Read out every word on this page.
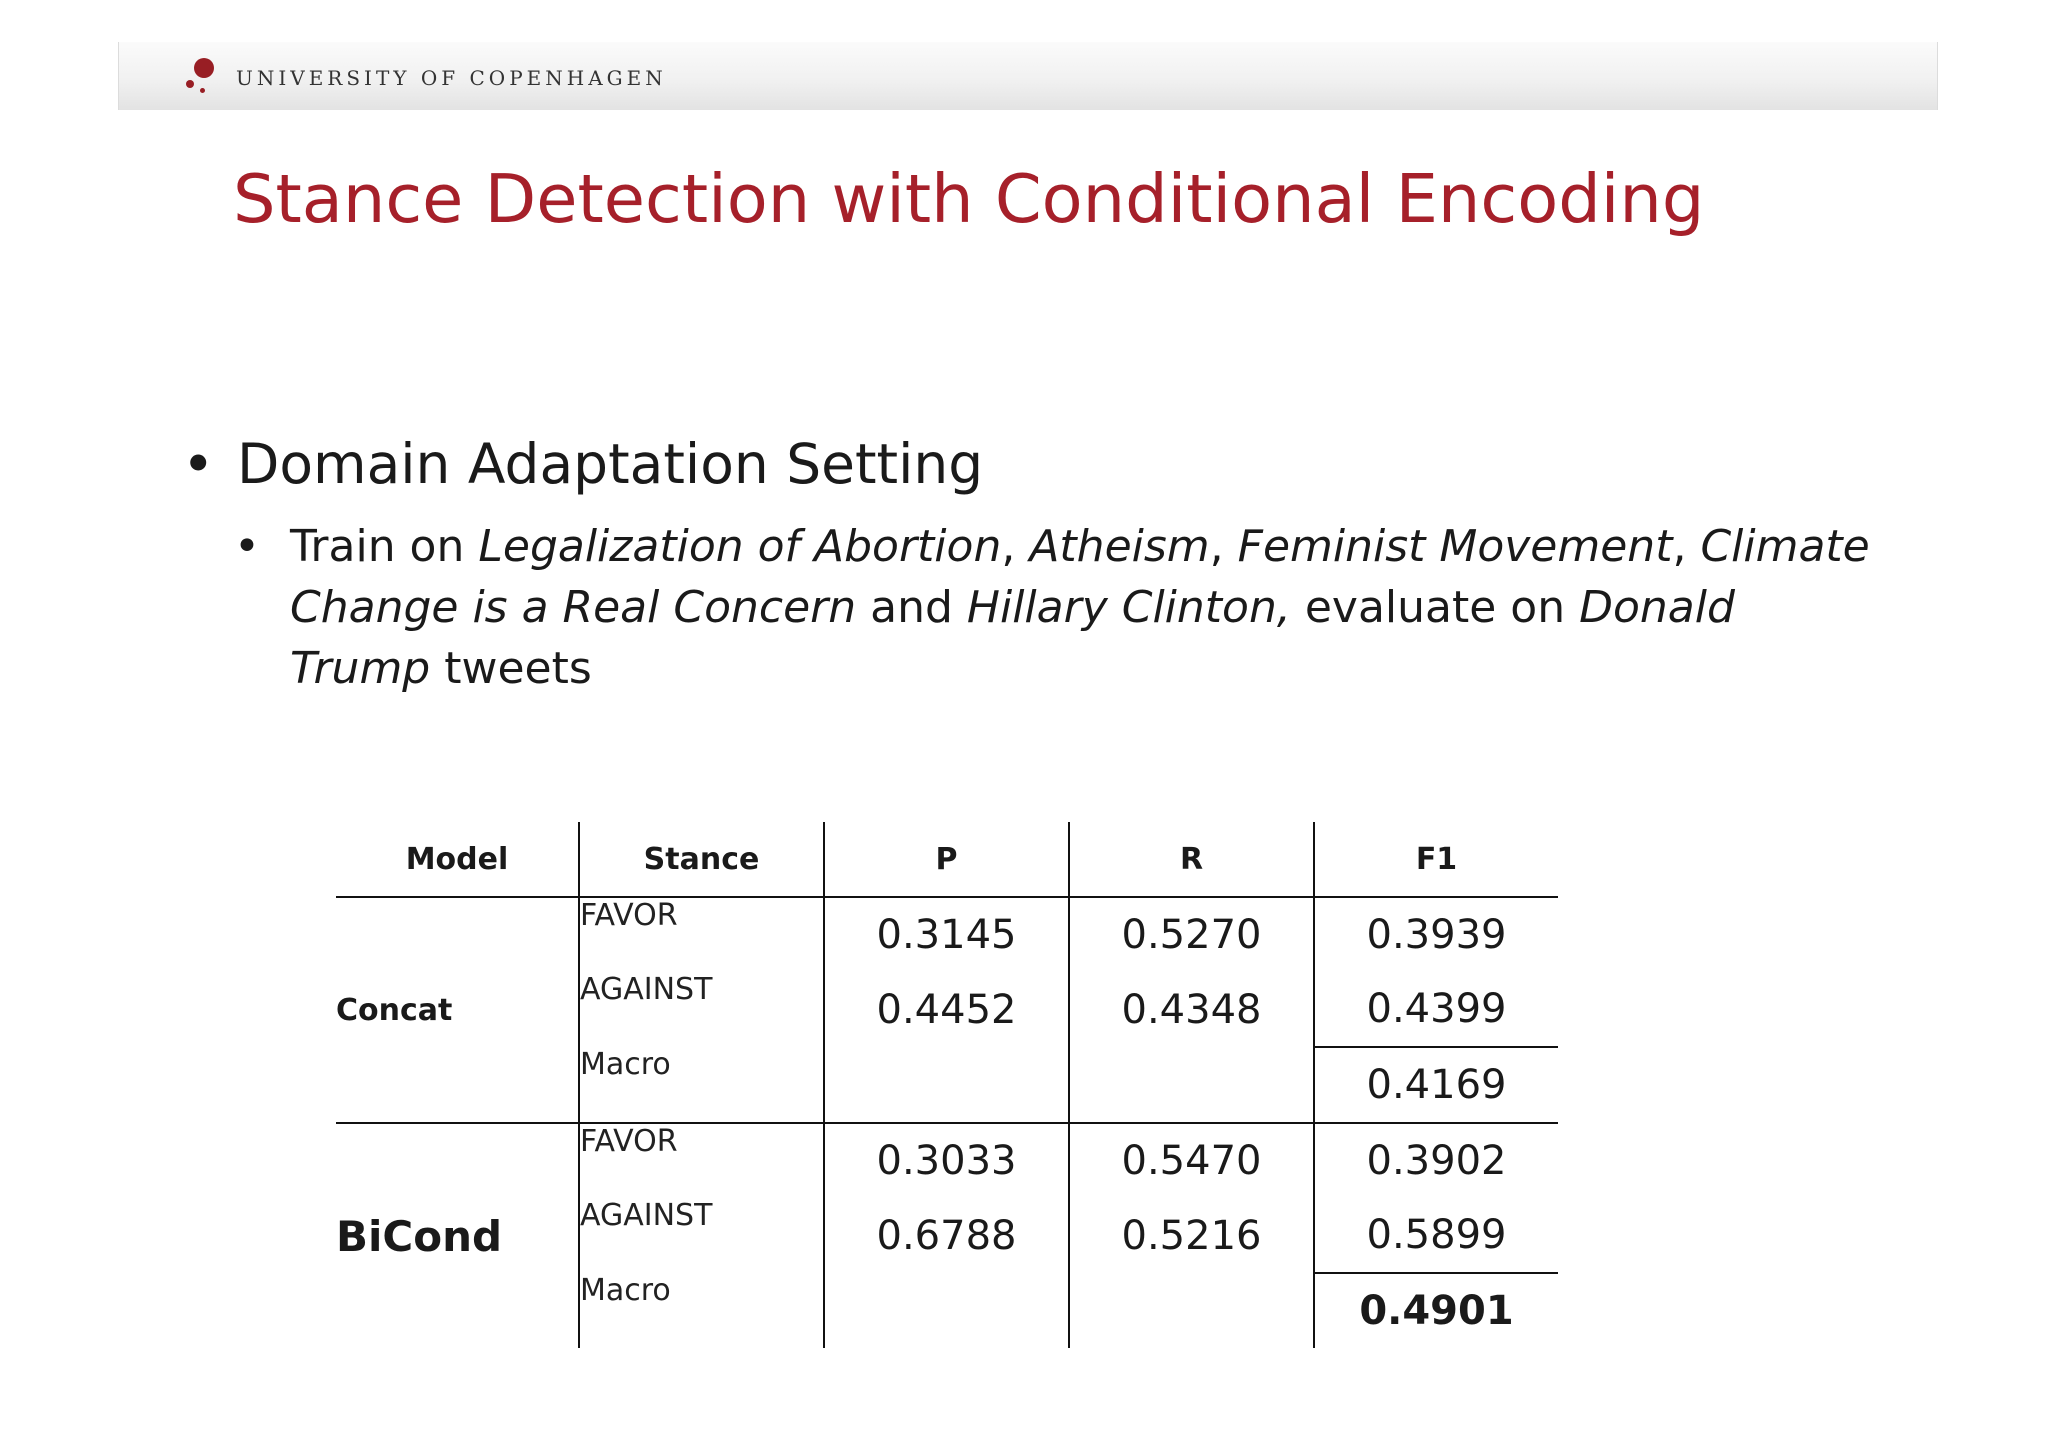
UNIVERSITY OF COPENHAGEN
Stance Detection with Conditional Encoding
• Domain Adaptation Setting
• Train on Legalization of Abortion, Atheism, Feminist Movement, Climate Change is a Real Concern and Hillary Clinton, evaluate on Donald Trump tweets
Model	Stance	P	R	F1
Concat	FAVOR	0.3145	0.5270	0.3939
	AGAINST	0.4452	0.4348	0.4399
	Macro			0.4169
BiCond	FAVOR	0.3033	0.5470	0.3902
	AGAINST	0.6788	0.5216	0.5899
	Macro			0.4901
